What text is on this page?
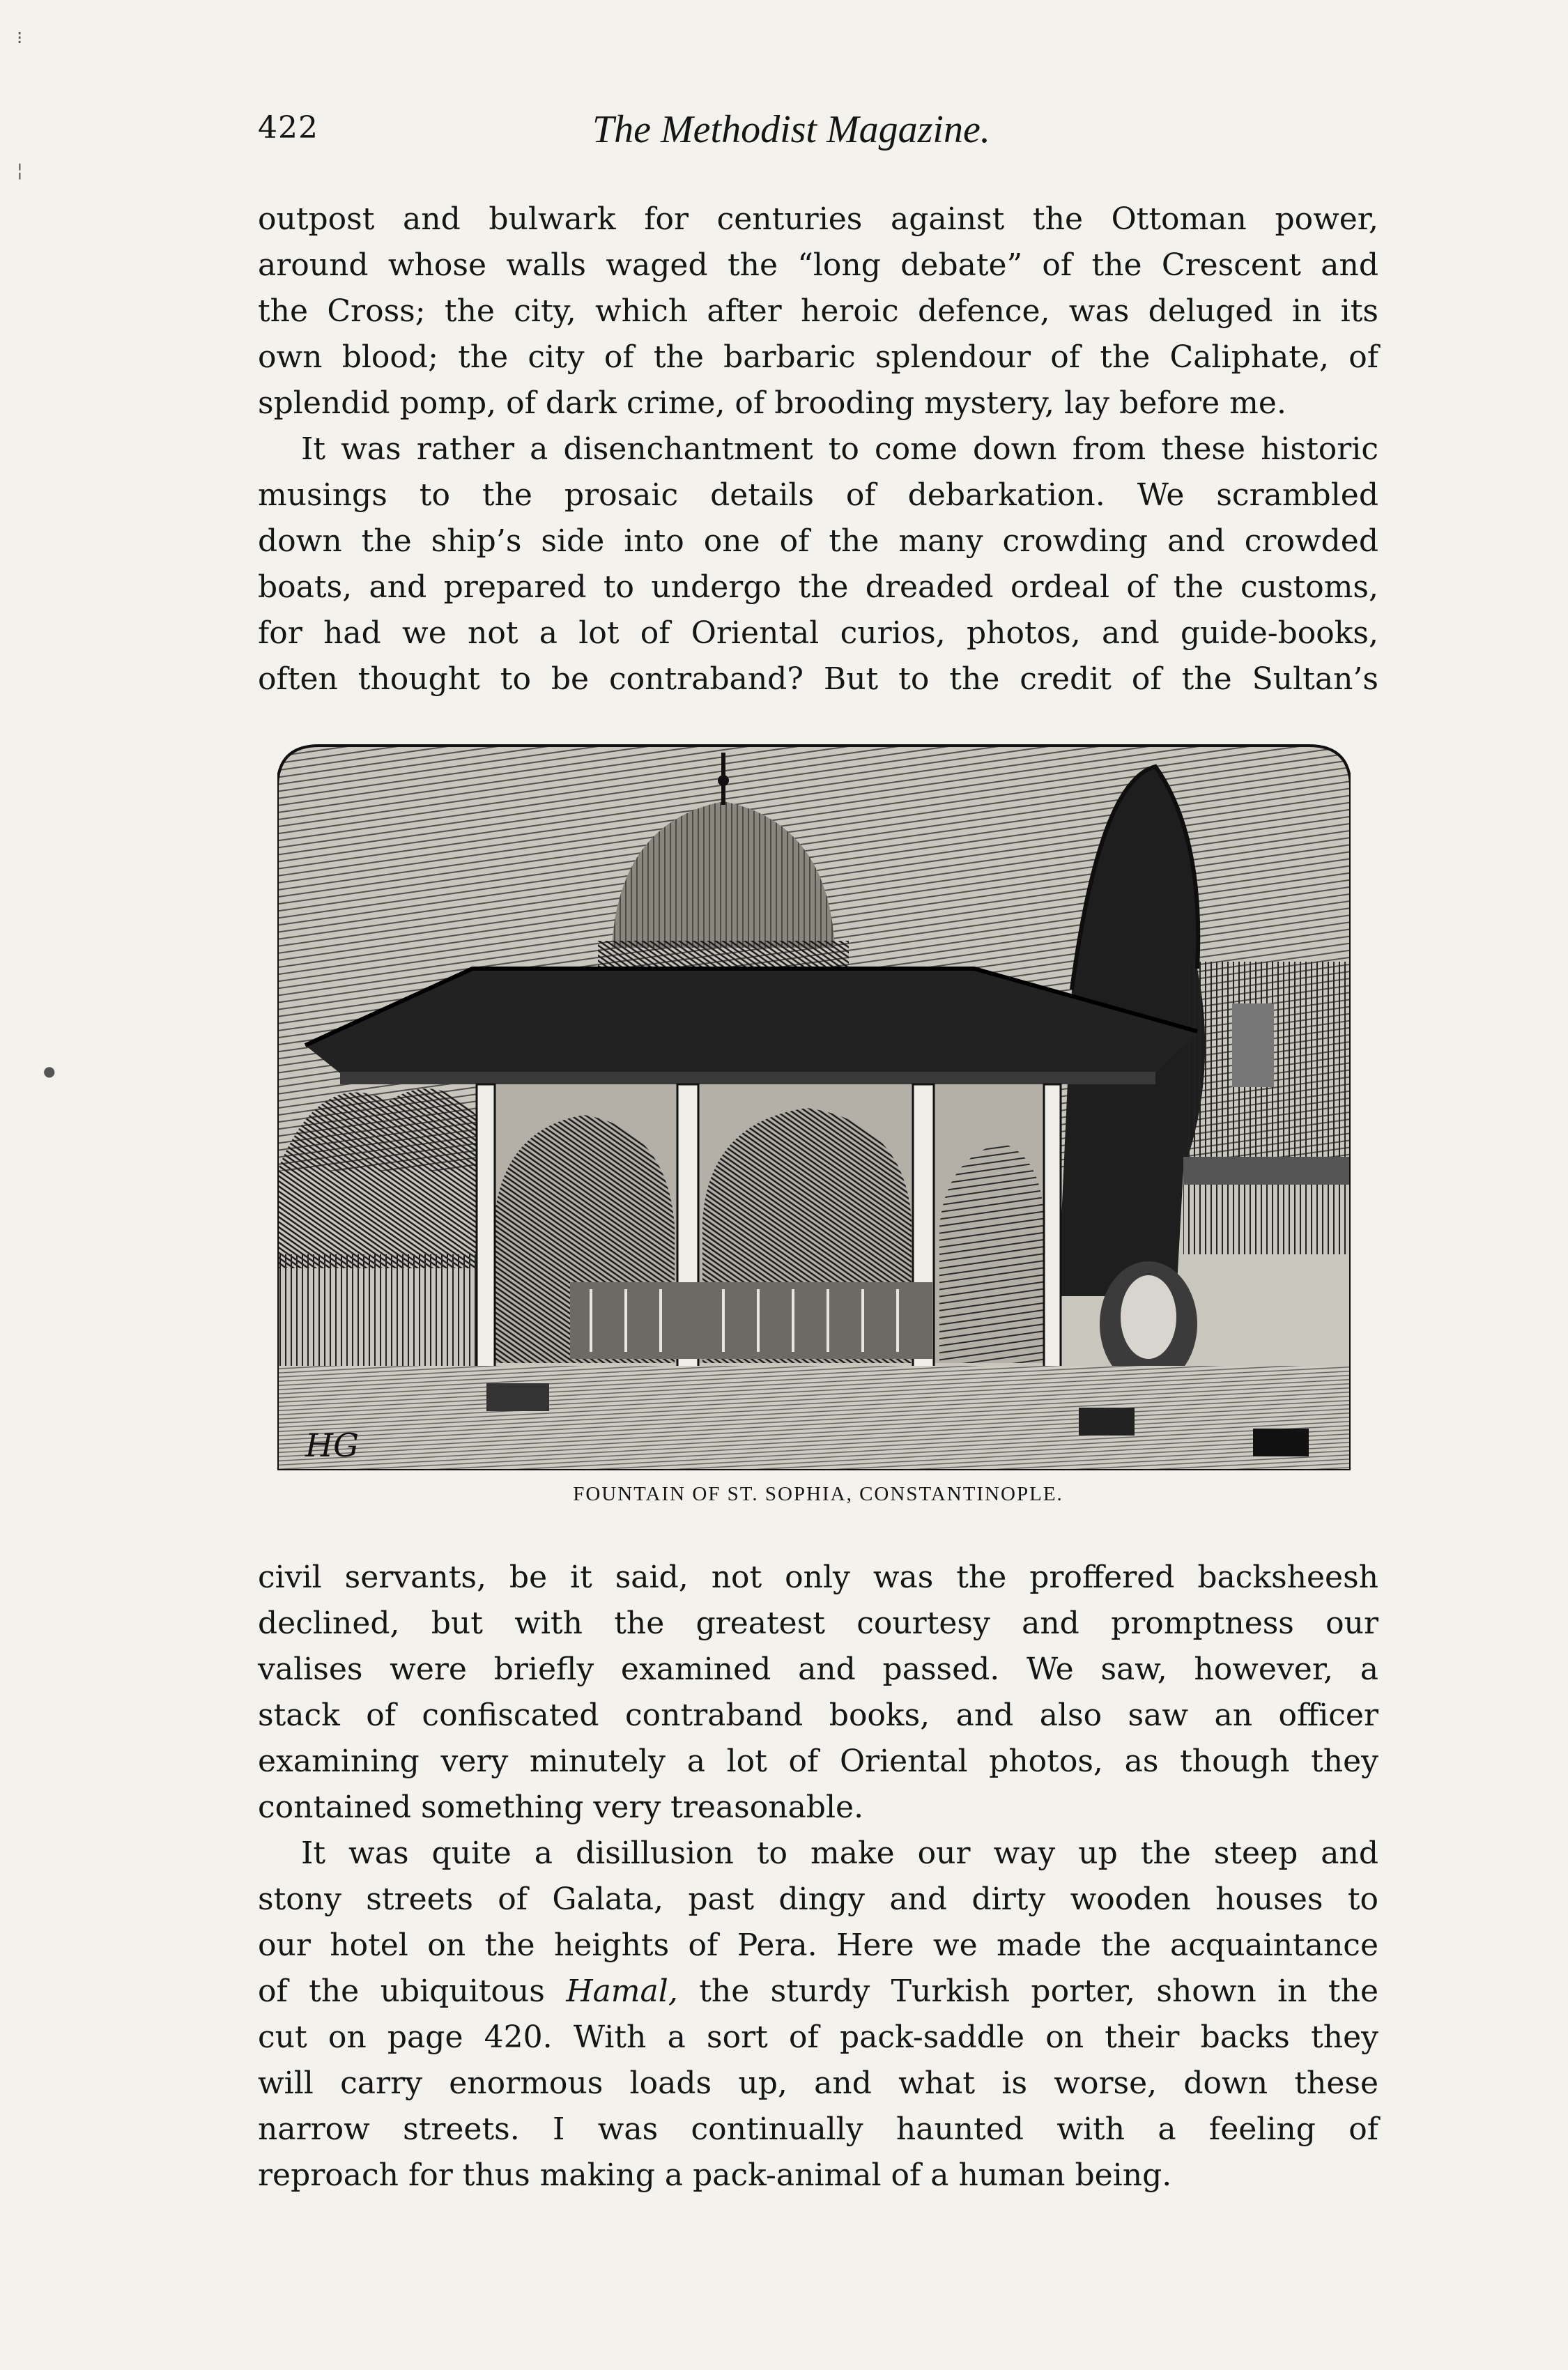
⁝
¦
●
422	The Methodist Magazine.
outpost and bulwark for centuries against the Ottoman power,
around whose walls waged the “long debate” of the Crescent and
the Cross; the city, which after heroic defence, was deluged in its
own blood; the city of the barbaric splendour of the Caliphate, of
splendid pomp, of dark crime, of brooding mystery, lay before me.
It was rather a disenchantment to come down from these historic
musings to the prosaic details of debarkation. We scrambled
down the ship’s side into one of the many crowding and crowded
boats, and prepared to undergo the dreaded ordeal of the customs,
for had we not a lot of Oriental curios, photos, and guide-books,
often thought to be contraband? But to the credit of the Sultan’s
HG
FOUNTAIN OF ST. SOPHIA, CONSTANTINOPLE.
civil servants, be it said, not only was the proffered backsheesh
declined, but with the greatest courtesy and promptness our
valises were briefly examined and passed. We saw, however, a
stack of confiscated contraband books, and also saw an officer
examining very minutely a lot of Oriental photos, as though they
contained something very treasonable.
It was quite a disillusion to make our way up the steep and
stony streets of Galata, past dingy and dirty wooden houses to
our hotel on the heights of Pera. Here we made the acquaintance
of the ubiquitous Hamal, the sturdy Turkish porter, shown in the
cut on page 420. With a sort of pack-saddle on their backs they
will carry enormous loads up, and what is worse, down these
narrow streets. I was continually haunted with a feeling of
reproach for thus making a pack-animal of a human being.
